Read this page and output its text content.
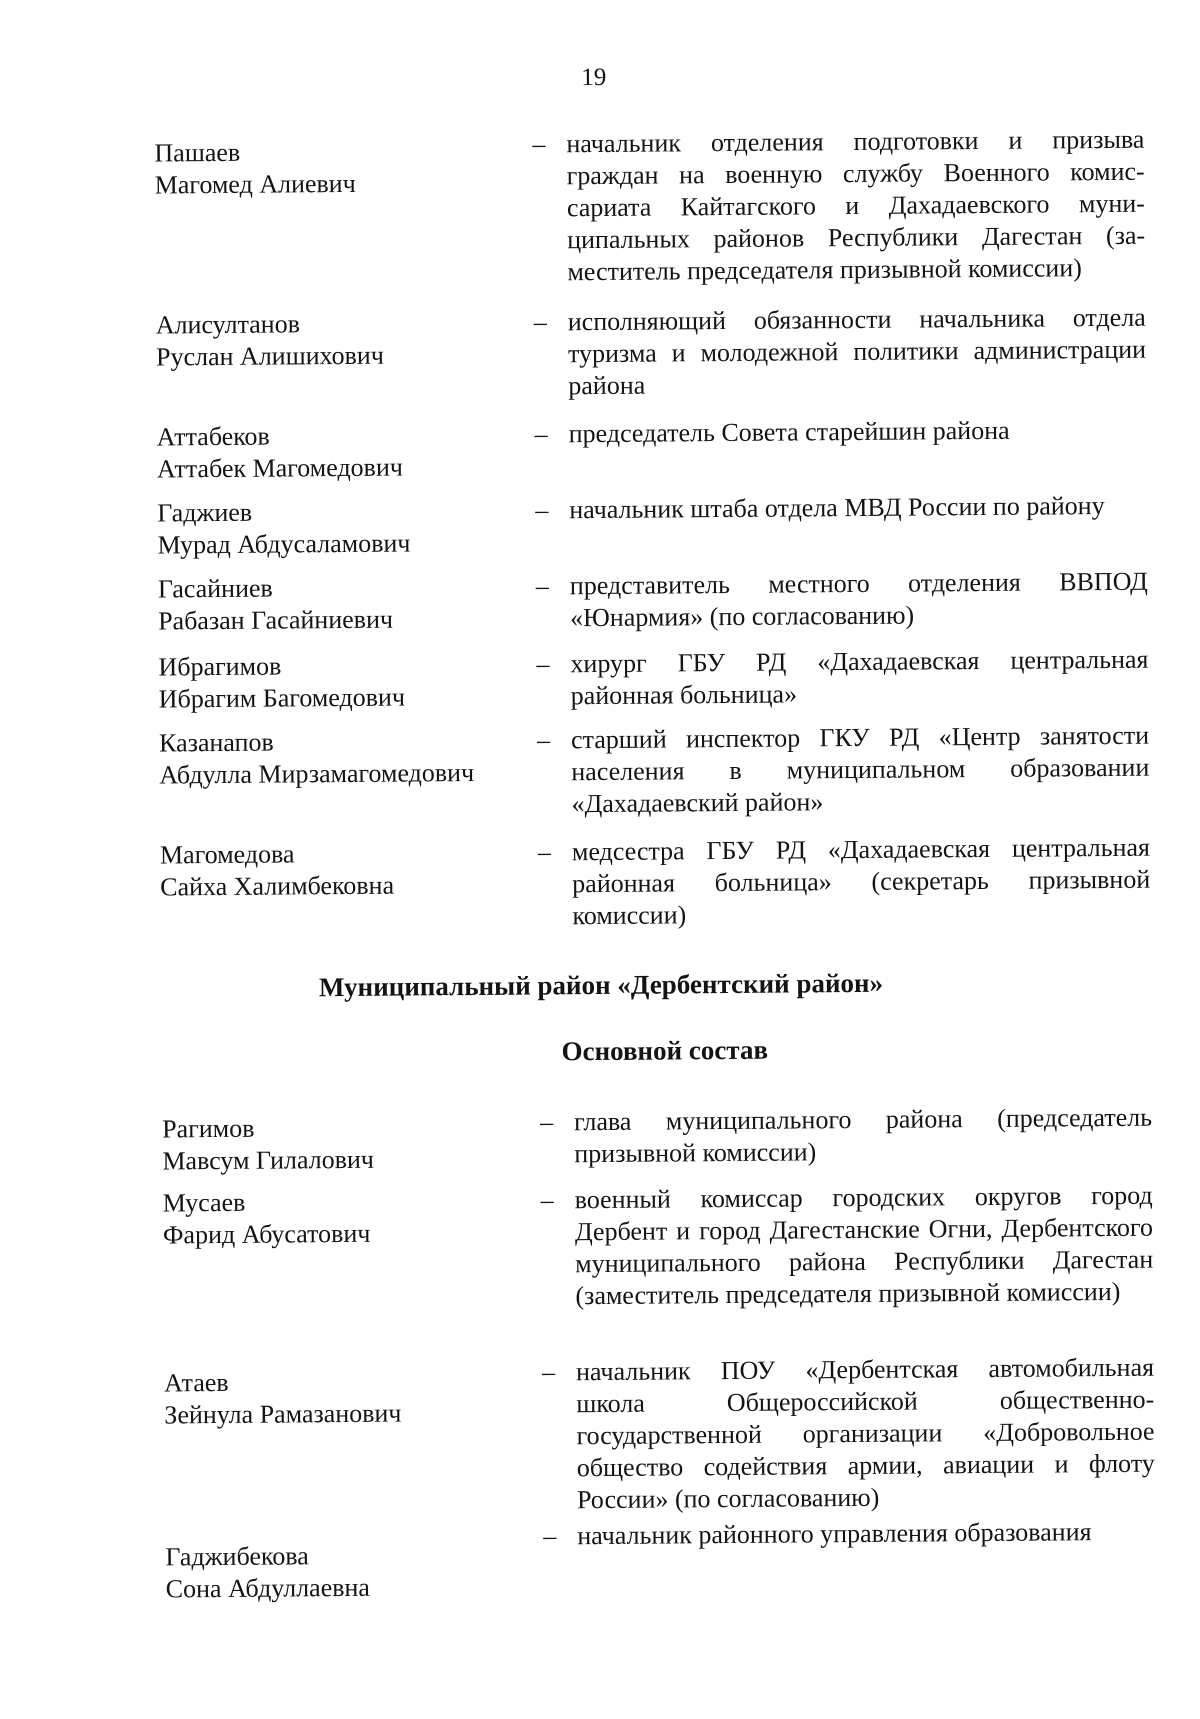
19
Пашаев
Магомед Алиевич
– начальник отделения подготовки и призыва граждан на военную службу Военного комиссариата Кайтагского и Дахадаевского муниципальных районов Республики Дагестан (заместитель председателя призывной комиссии)
Алисултанов
Руслан Алишихович
– исполняющий обязанности начальника отдела туризма и молодежной политики администрации района
Аттабеков
Аттабек Магомедович
– председатель Совета старейшин района
Гаджиев
Мурад Абдусаламович
– начальник штаба отдела МВД России по району
Гасайниев
Рабазан Гасайниевич
– представитель местного отделения ВВПОД «Юнармия» (по согласованию)
Ибрагимов
Ибрагим Багомедович
– хирург ГБУ РД «Дахадаевская центральная районная больница»
Казанапов
Абдулла Мирзамагомедович
– старший инспектор ГКУ РД «Центр занятости населения в муниципальном образовании «Дахадаевский район»
Магомедова
Сайха Халимбековна
– медсестра ГБУ РД «Дахадаевская центральная районная больница» (секретарь призывной комиссии)
Муниципальный район «Дербентский район»
Основной состав
Рагимов
Мавсум Гилалович
– глава муниципального района (председатель призывной комиссии)
Мусаев
Фарид Абусатович
– военный комиссар городских округов город Дербент и город Дагестанские Огни, Дербентского муниципального района Республики Дагестан (заместитель председателя призывной комиссии)
Атаев
Зейнула Рамазанович
– начальник ПОУ «Дербентская автомобильная школа Общероссийской общественно-государственной организации «Добровольное общество содействия армии, авиации и флоту России» (по согласованию)
Гаджибекова
Сона Абдуллаевна
– начальник районного управления образования
